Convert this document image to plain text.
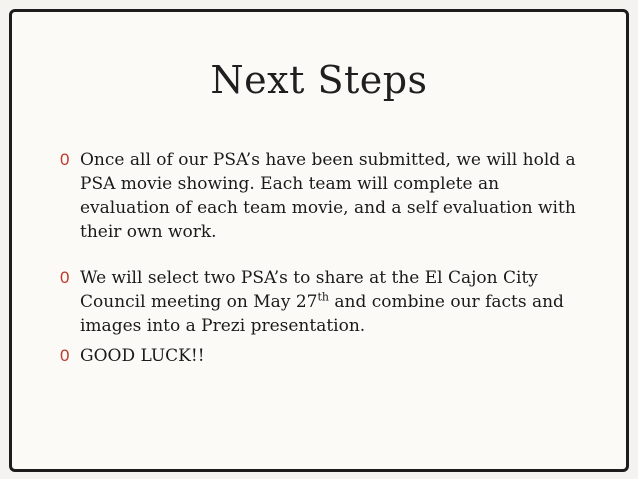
Next Steps
0 Once all of our PSA’s have been submitted, we will hold a PSA movie showing. Each team will complete an evaluation of each team movie, and a self evaluation with their own work.
0 We will select two PSA’s to share at the El Cajon City Council meeting on May 27th and combine our facts and images into a Prezi presentation.
0 GOOD LUCK!!
